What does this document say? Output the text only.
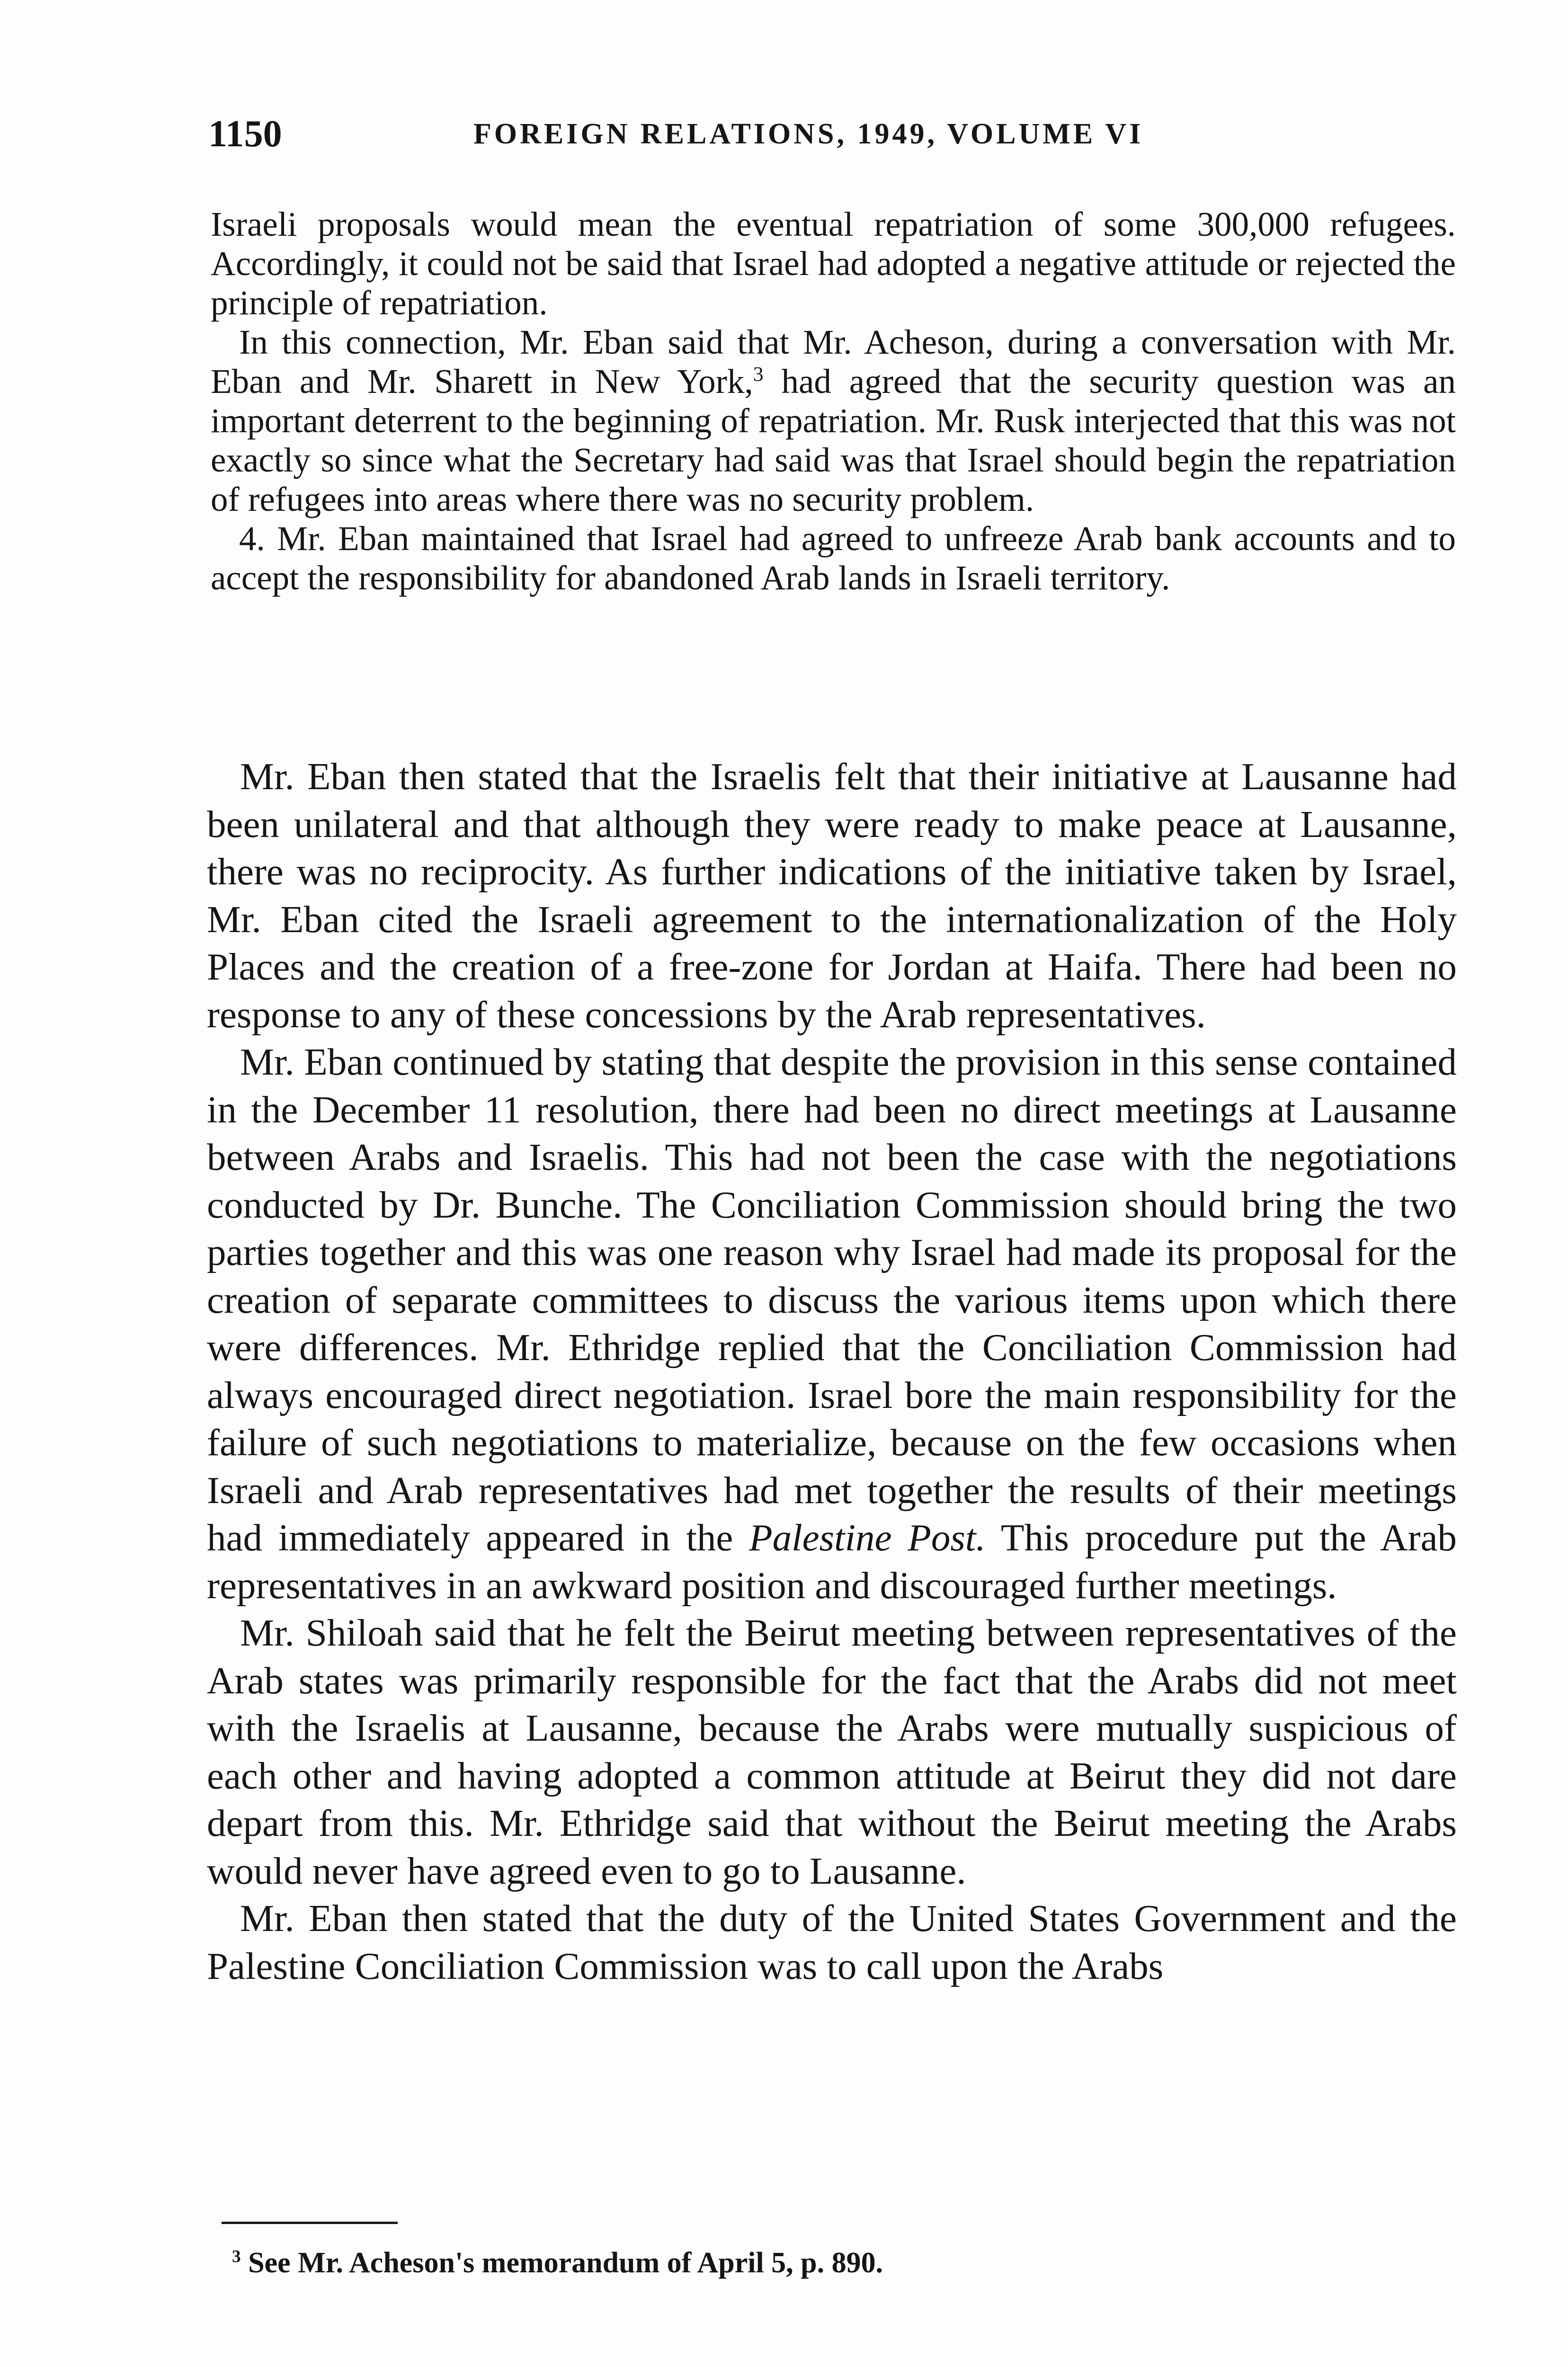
1150	FOREIGN RELATIONS, 1949, VOLUME VI

Israeli proposals would mean the eventual repatriation of some 300,000 refugees. Accordingly, it could not be said that Israel had adopted a negative attitude or rejected the principle of repatriation.

In this connection, Mr. Eban said that Mr. Acheson, during a conversation with Mr. Eban and Mr. Sharett in New York,$^3$ had agreed that the security question was an important deterrent to the beginning of repatriation. Mr. Rusk interjected that this was not exactly so since what the Secretary had said was that Israel should begin the repatriation of refugees into areas where there was no security problem.

4. Mr. Eban maintained that Israel had agreed to unfreeze Arab bank accounts and to accept the responsibility for abandoned Arab lands in Israeli territory.

Mr. Eban then stated that the Israelis felt that their initiative at Lausanne had been unilateral and that although they were ready to make peace at Lausanne, there was no reciprocity. As further indications of the initiative taken by Israel, Mr. Eban cited the Israeli agreement to the internationalization of the Holy Places and the creation of a free-zone for Jordan at Haifa. There had been no response to any of these concessions by the Arab representatives.

Mr. Eban continued by stating that despite the provision in this sense contained in the December 11 resolution, there had been no direct meetings at Lausanne between Arabs and Israelis. This had not been the case with the negotiations conducted by Dr. Bunche. The Conciliation Commission should bring the two parties together and this was one reason why Israel had made its proposal for the creation of separate committees to discuss the various items upon which there were differences. Mr. Ethridge replied that the Conciliation Commission had always encouraged direct negotiation. Israel bore the main responsibility for the failure of such negotiations to materialize, because on the few occasions when Israeli and Arab representatives had met together the results of their meetings had immediately appeared in the Palestine Post. This procedure put the Arab representatives in an awkward position and discouraged further meetings.

Mr. Shiloah said that he felt the Beirut meeting between representatives of the Arab states was primarily responsible for the fact that the Arabs did not meet with the Israelis at Lausanne, because the Arabs were mutually suspicious of each other and having adopted a common attitude at Beirut they did not dare depart from this. Mr. Ethridge said that without the Beirut meeting the Arabs would never have agreed even to go to Lausanne.

Mr. Eban then stated that the duty of the United States Government and the Palestine Conciliation Commission was to call upon the Arabs

$^3$ See Mr. Acheson's memorandum of April 5, p. 890.
